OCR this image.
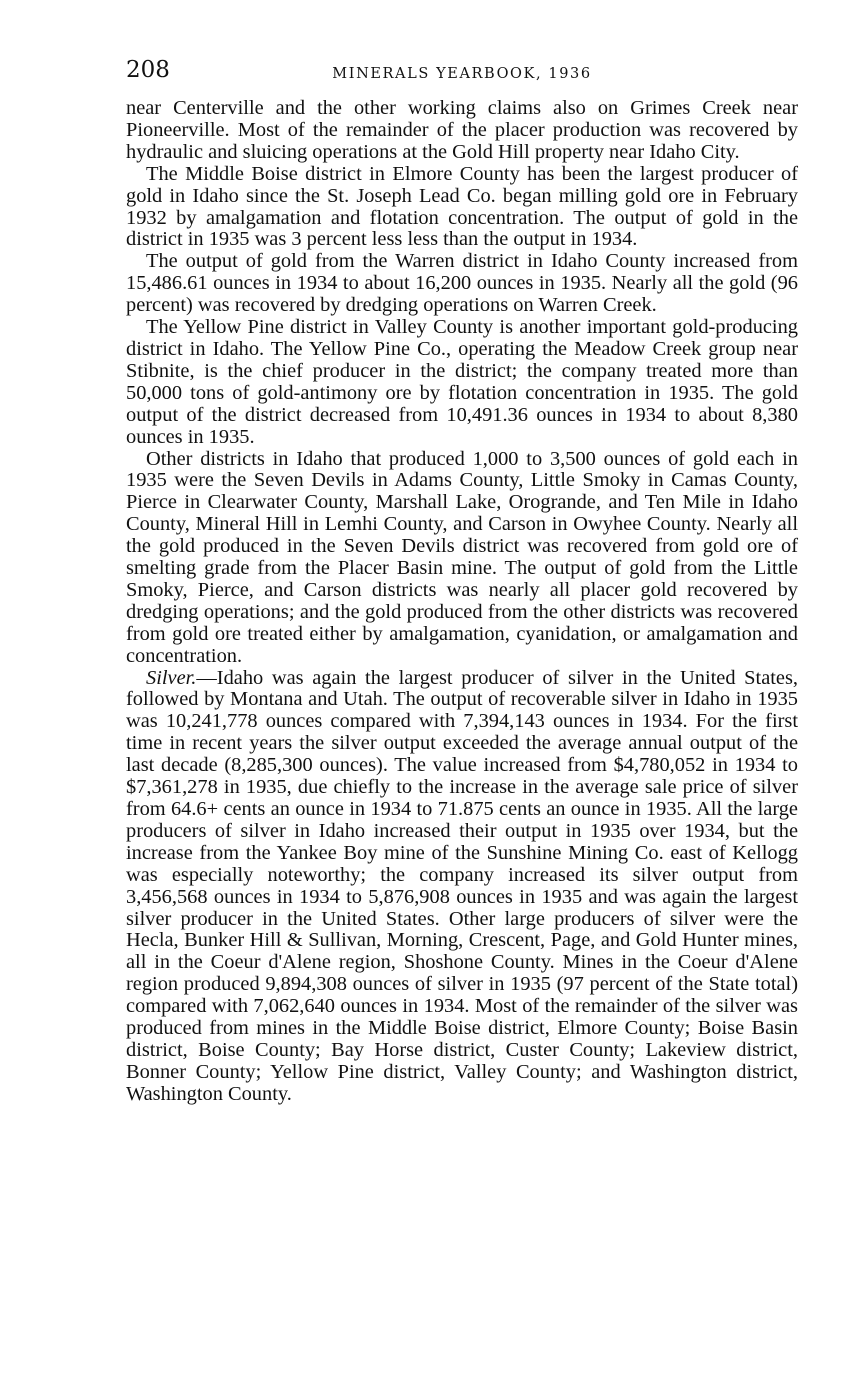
208	MINERALS YEARBOOK, 1936

near Centerville and the other working claims also on Grimes Creek near Pioneerville. Most of the remainder of the placer production was recovered by hydraulic and sluicing operations at the Gold Hill property near Idaho City.

The Middle Boise district in Elmore County has been the largest producer of gold in Idaho since the St. Joseph Lead Co. began milling gold ore in February 1932 by amalgamation and flotation concentration. The output of gold in the district in 1935 was 3 percent less less than the output in 1934.

The output of gold from the Warren district in Idaho County increased from 15,486.61 ounces in 1934 to about 16,200 ounces in 1935. Nearly all the gold (96 percent) was recovered by dredging operations on Warren Creek.

The Yellow Pine district in Valley County is another important gold-producing district in Idaho. The Yellow Pine Co., operating the Meadow Creek group near Stibnite, is the chief producer in the district; the company treated more than 50,000 tons of gold-antimony ore by flotation concentration in 1935. The gold output of the district decreased from 10,491.36 ounces in 1934 to about 8,380 ounces in 1935.

Other districts in Idaho that produced 1,000 to 3,500 ounces of gold each in 1935 were the Seven Devils in Adams County, Little Smoky in Camas County, Pierce in Clearwater County, Marshall Lake, Orogrande, and Ten Mile in Idaho County, Mineral Hill in Lemhi County, and Carson in Owyhee County. Nearly all the gold produced in the Seven Devils district was recovered from gold ore of smelting grade from the Placer Basin mine. The output of gold from the Little Smoky, Pierce, and Carson districts was nearly all placer gold recovered by dredging operations; and the gold produced from the other districts was recovered from gold ore treated either by amalgamation, cyanidation, or amalgamation and concentration.

Silver.—Idaho was again the largest producer of silver in the United States, followed by Montana and Utah. The output of recoverable silver in Idaho in 1935 was 10,241,778 ounces compared with 7,394,143 ounces in 1934. For the first time in recent years the silver output exceeded the average annual output of the last decade (8,285,300 ounces). The value increased from $4,780,052 in 1934 to $7,361,278 in 1935, due chiefly to the increase in the average sale price of silver from 64.6+ cents an ounce in 1934 to 71.875 cents an ounce in 1935. All the large producers of silver in Idaho increased their output in 1935 over 1934, but the increase from the Yankee Boy mine of the Sunshine Mining Co. east of Kellogg was especially noteworthy; the company increased its silver output from 3,456,568 ounces in 1934 to 5,876,908 ounces in 1935 and was again the largest silver producer in the United States. Other large producers of silver were the Hecla, Bunker Hill & Sullivan, Morning, Crescent, Page, and Gold Hunter mines, all in the Coeur d'Alene region, Shoshone County. Mines in the Coeur d'Alene region produced 9,894,308 ounces of silver in 1935 (97 percent of the State total) compared with 7,062,640 ounces in 1934. Most of the remainder of the silver was produced from mines in the Middle Boise district, Elmore County; Boise Basin district, Boise County; Bay Horse district, Custer County; Lakeview district, Bonner County; Yellow Pine district, Valley County; and Washington district, Washington County.
